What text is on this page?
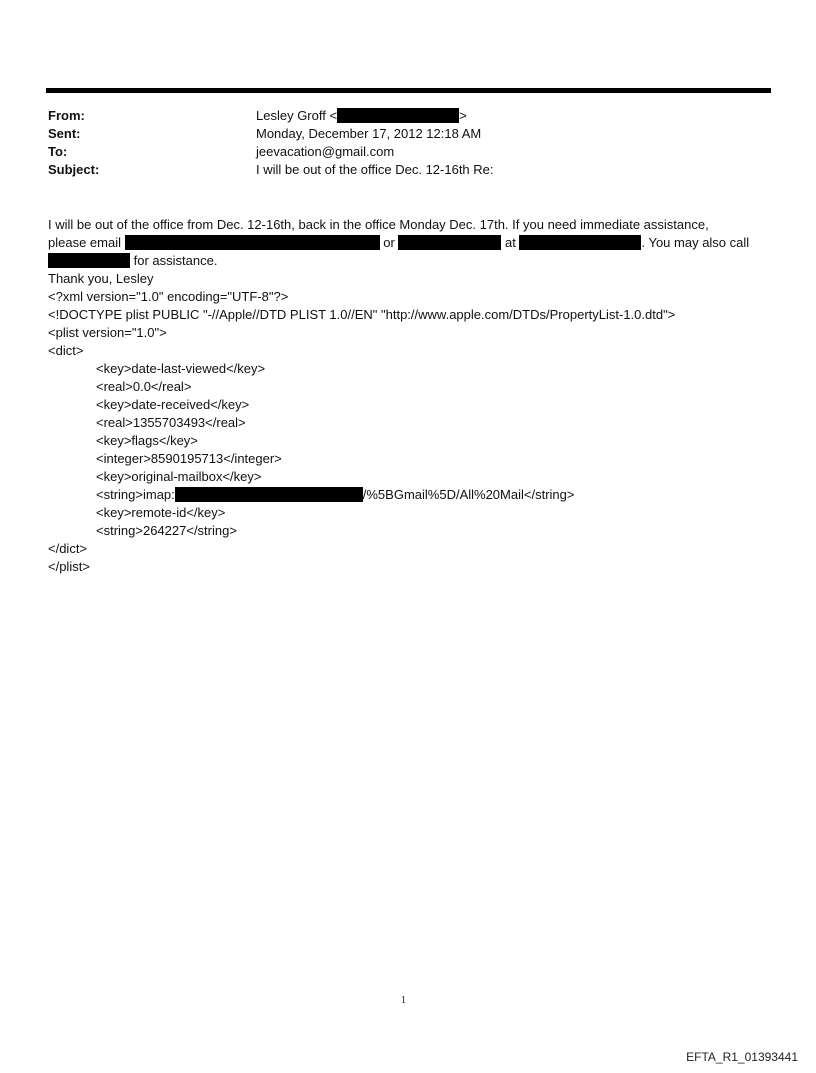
From:	Lesley Groff <	>
Sent:	Monday, December 17, 2012 12:18 AM
To:	jeevacation@gmail.com
Subject:	I will be out of the office Dec. 12-16th Re:
I will be out of the office from Dec. 12-16th, back in the office Monday Dec. 17th. If you need immediate assistance,
please email	or	at	. You may also call
for assistance.
Thank you, Lesley
<?xml version="1.0" encoding="UTF-8"?>
<!DOCTYPE plist PUBLIC "-//Apple//DTD PLIST 1.0//EN" "http://www.apple.com/DTDs/PropertyList-1.0.dtd">
<plist version="1.0">
<dict>
<key>date-last-viewed</key>
<real>0.0</real>
<key>date-received</key>
<real>1355703493</real>
<key>flags</key>
<integer>8590195713</integer>
<key>original-mailbox</key>
<string>imap:	/%5BGmail%5D/All%20Mail</string>
<key>remote-id</key>
<string>264227</string>
</dict>
</plist>
1
EFTA_R1_01393441
